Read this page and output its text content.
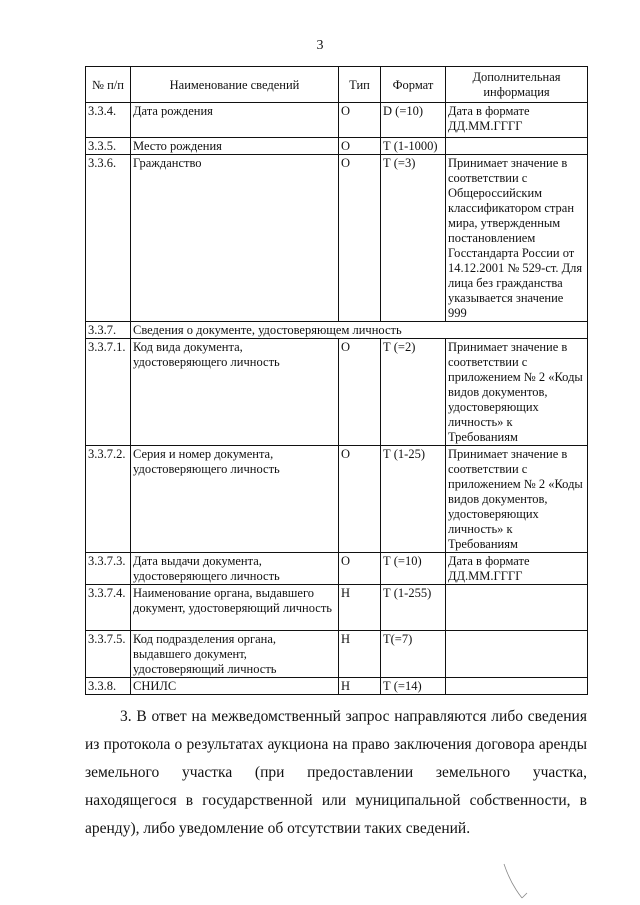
3
№ п/п	Наименование сведений	Тип	Формат	Дополнительная информация
3.3.4.	Дата рождения	О	D (=10)	Дата в формате ДД.ММ.ГГГГ
3.3.5.	Место рождения	О	Т (1-1000)	
3.3.6.	Гражданство	О	Т (=3)	Принимает значение в соответствии с Общероссийским классификатором стран мира, утвержденным постановлением Госстандарта России от 14.12.2001 № 529-ст. Для лица без гражданства указывается значение 999
3.3.7.	Сведения о документе, удостоверяющем личность			
3.3.7.1.	Код вида документа, удостоверяющего личность	О	Т (=2)	Принимает значение в соответствии с приложением № 2 «Коды видов документов, удостоверяющих личность» к Требованиям
3.3.7.2.	Серия и номер документа, удостоверяющего личность	О	Т (1-25)	Принимает значение в соответствии с приложением № 2 «Коды видов документов, удостоверяющих личность» к Требованиям
3.3.7.3.	Дата выдачи документа, удостоверяющего личность	О	Т (=10)	Дата в формате ДД.ММ.ГГГГ
3.3.7.4.	Наименование органа, выдавшего документ, удостоверяющий личность	Н	Т (1-255)	
3.3.7.5.	Код подразделения органа, выдавшего документ, удостоверяющий личность	Н	Т(=7)	
3.3.8.	СНИЛС	Н	Т (=14)	

3. В ответ на межведомственный запрос направляются либо сведения из протокола о результатах аукциона на право заключения договора аренды земельного участка (при предоставлении земельного участка, находящегося в государственной или муниципальной собственности, в аренду), либо уведомление об отсутствии таких сведений.
